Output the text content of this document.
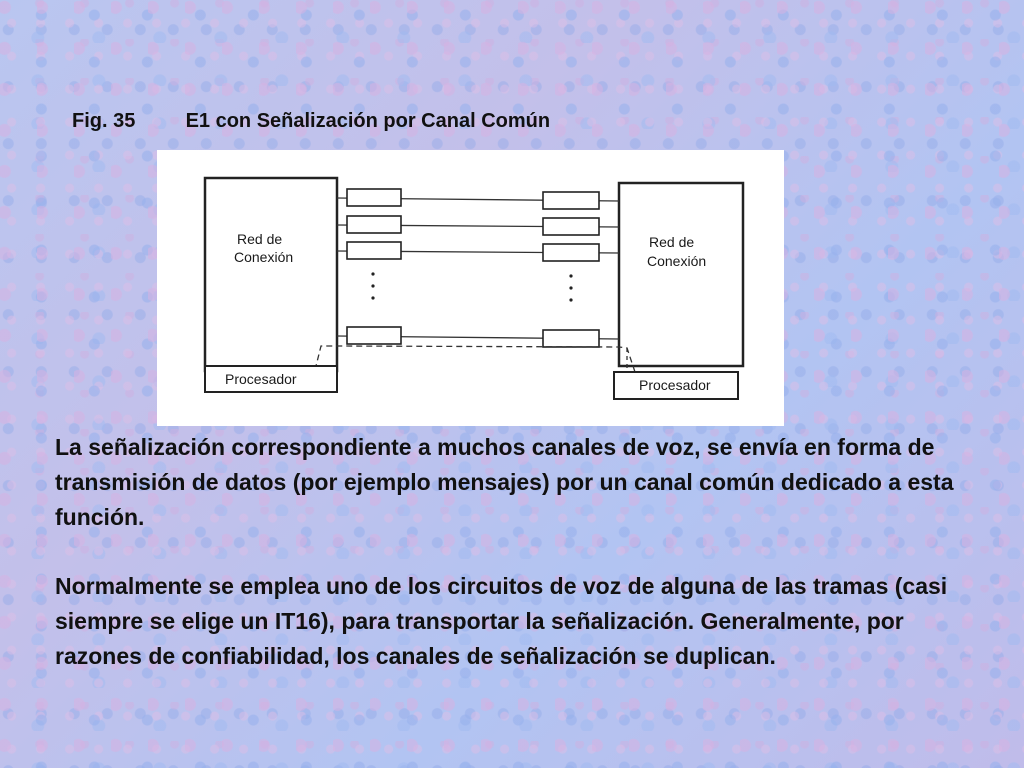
Fig. 35	E1 con Señalización por Canal Común
Red de
Conexión
Red de
Conexión
Procesador	Procesador

La señalización correspondiente a muchos canales de voz, se envía en forma de transmisión de datos (por ejemplo mensajes) por un canal común dedicado a esta función.

Normalmente se emplea uno de los circuitos de voz de alguna de las tramas (casi siempre se elige un IT16), para transportar la señalización. Generalmente, por razones de confiabilidad, los canales de señalización se duplican.
